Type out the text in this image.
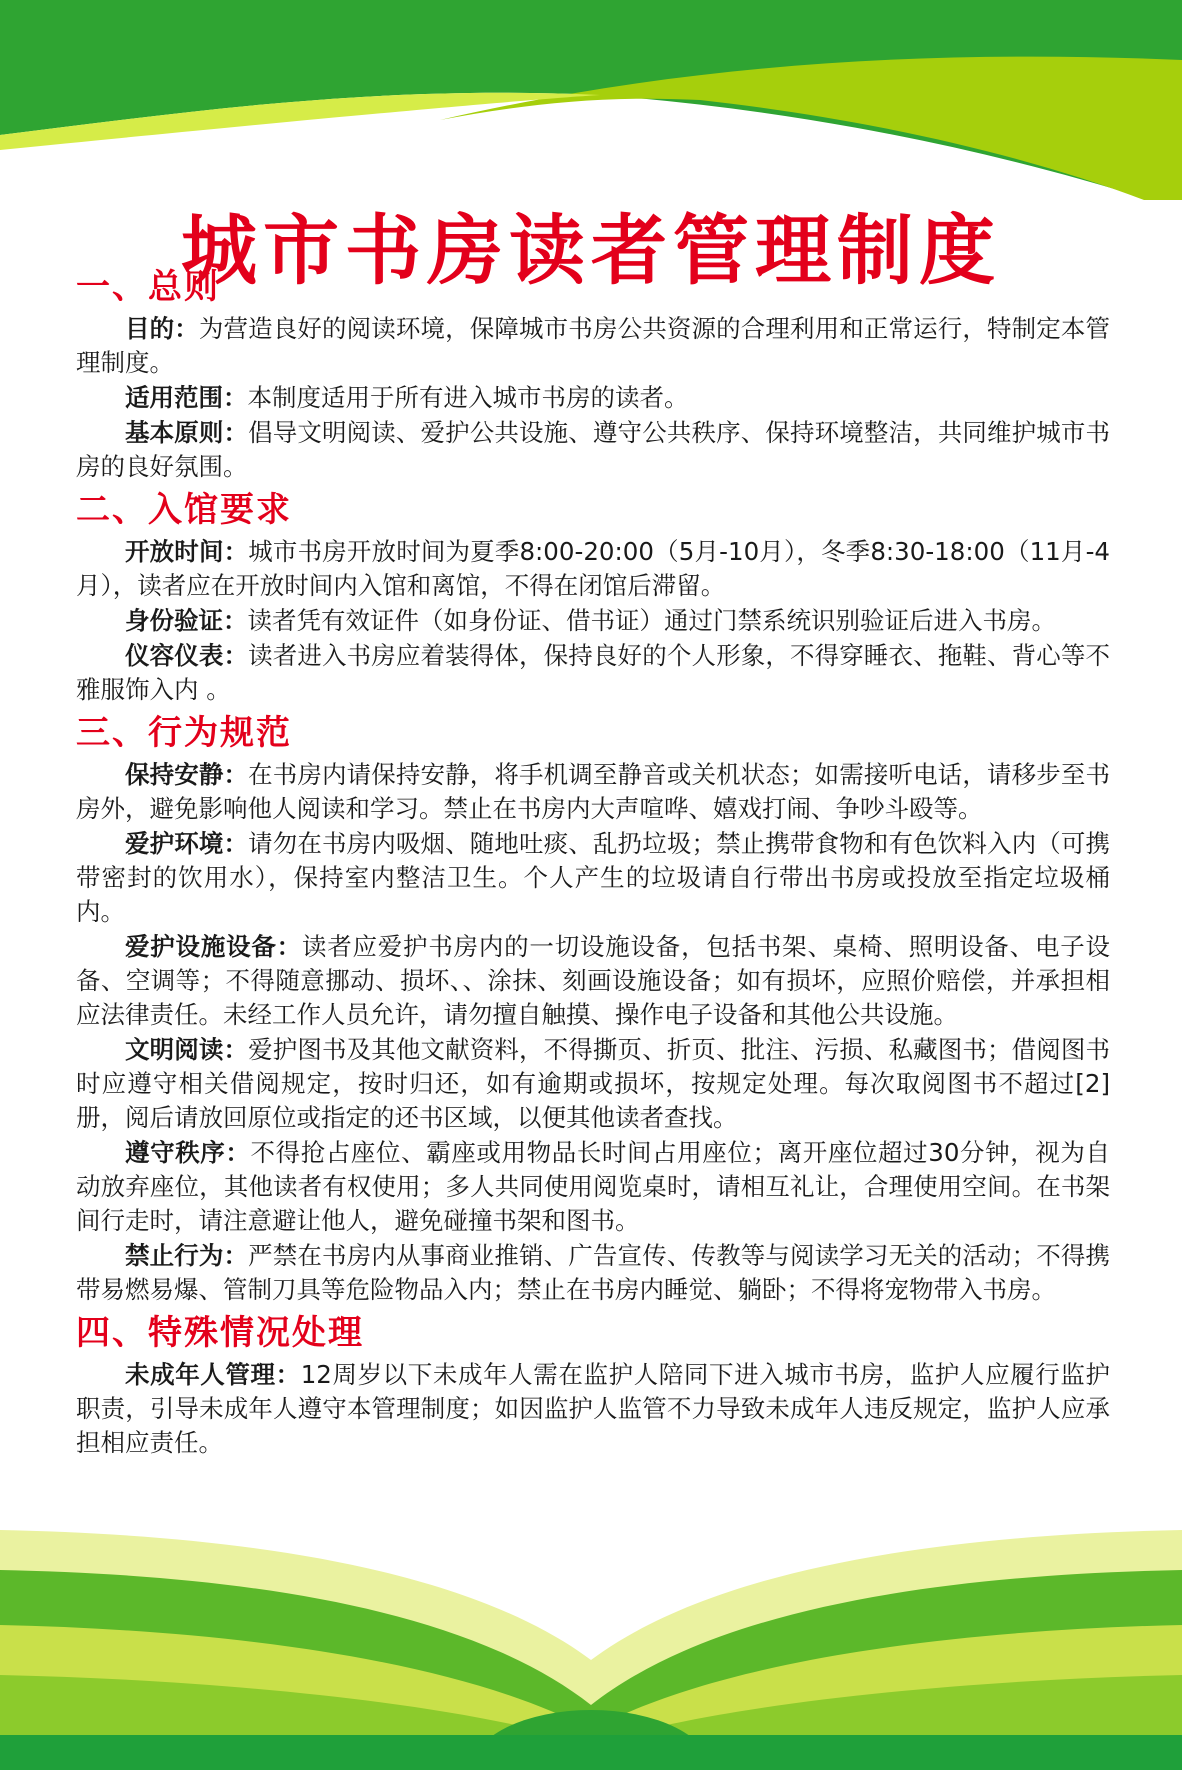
城市书房读者管理制度
一、总则

目的：为营造良好的阅读环境，保障城市书房公共资源的合理利用和正常运行，特制定本管理制度。

适用范围：本制度适用于所有进入城市书房的读者。

基本原则：倡导文明阅读、爱护公共设施、遵守公共秩序、保持环境整洁，共同维护城市书房的良好氛围。

二、入馆要求

开放时间：城市书房开放时间为夏季8:00-20:00（5月-10月），冬季8:30-18:00（11月-4月），读者应在开放时间内入馆和离馆，不得在闭馆后滞留。

身份验证：读者凭有效证件（如身份证、借书证）通过门禁系统识别验证后进入书房。

仪容仪表：读者进入书房应着装得体，保持良好的个人形象，不得穿睡衣、拖鞋、背心等不雅服饰入内 。

三、行为规范

保持安静：在书房内请保持安静，将手机调至静音或关机状态；如需接听电话，请移步至书房外，避免影响他人阅读和学习。禁止在书房内大声喧哗、嬉戏打闹、争吵斗殴等。

爱护环境：请勿在书房内吸烟、随地吐痰、乱扔垃圾；禁止携带食物和有色饮料入内（可携带密封的饮用水），保持室内整洁卫生。个人产生的垃圾请自行带出书房或投放至指定垃圾桶内。

爱护设施设备：读者应爱护书房内的一切设施设备，包括书架、桌椅、照明设备、电子设备、空调等；不得随意挪动、损坏、、涂抹、刻画设施设备；如有损坏，应照价赔偿，并承担相应法律责任。未经工作人员允许，请勿擅自触摸、操作电子设备和其他公共设施。

文明阅读：爱护图书及其他文献资料，不得撕页、折页、批注、污损、私藏图书；借阅图书时应遵守相关借阅规定，按时归还，如有逾期或损坏，按规定处理。每次取阅图书不超过[2]册，阅后请放回原位或指定的还书区域，以便其他读者查找。

遵守秩序：不得抢占座位、霸座或用物品长时间占用座位；离开座位超过30分钟，视为自动放弃座位，其他读者有权使用；多人共同使用阅览桌时，请相互礼让，合理使用空间。在书架间行走时，请注意避让他人，避免碰撞书架和图书。

禁止行为：严禁在书房内从事商业推销、广告宣传、传教等与阅读学习无关的活动；不得携带易燃易爆、管制刀具等危险物品入内；禁止在书房内睡觉、躺卧；不得将宠物带入书房。

四、特殊情况处理

未成年人管理：12周岁以下未成年人需在监护人陪同下进入城市书房，监护人应履行监护职责，引导未成年人遵守本管理制度；如因监护人监管不力导致未成年人违反规定，监护人应承担相应责任。
